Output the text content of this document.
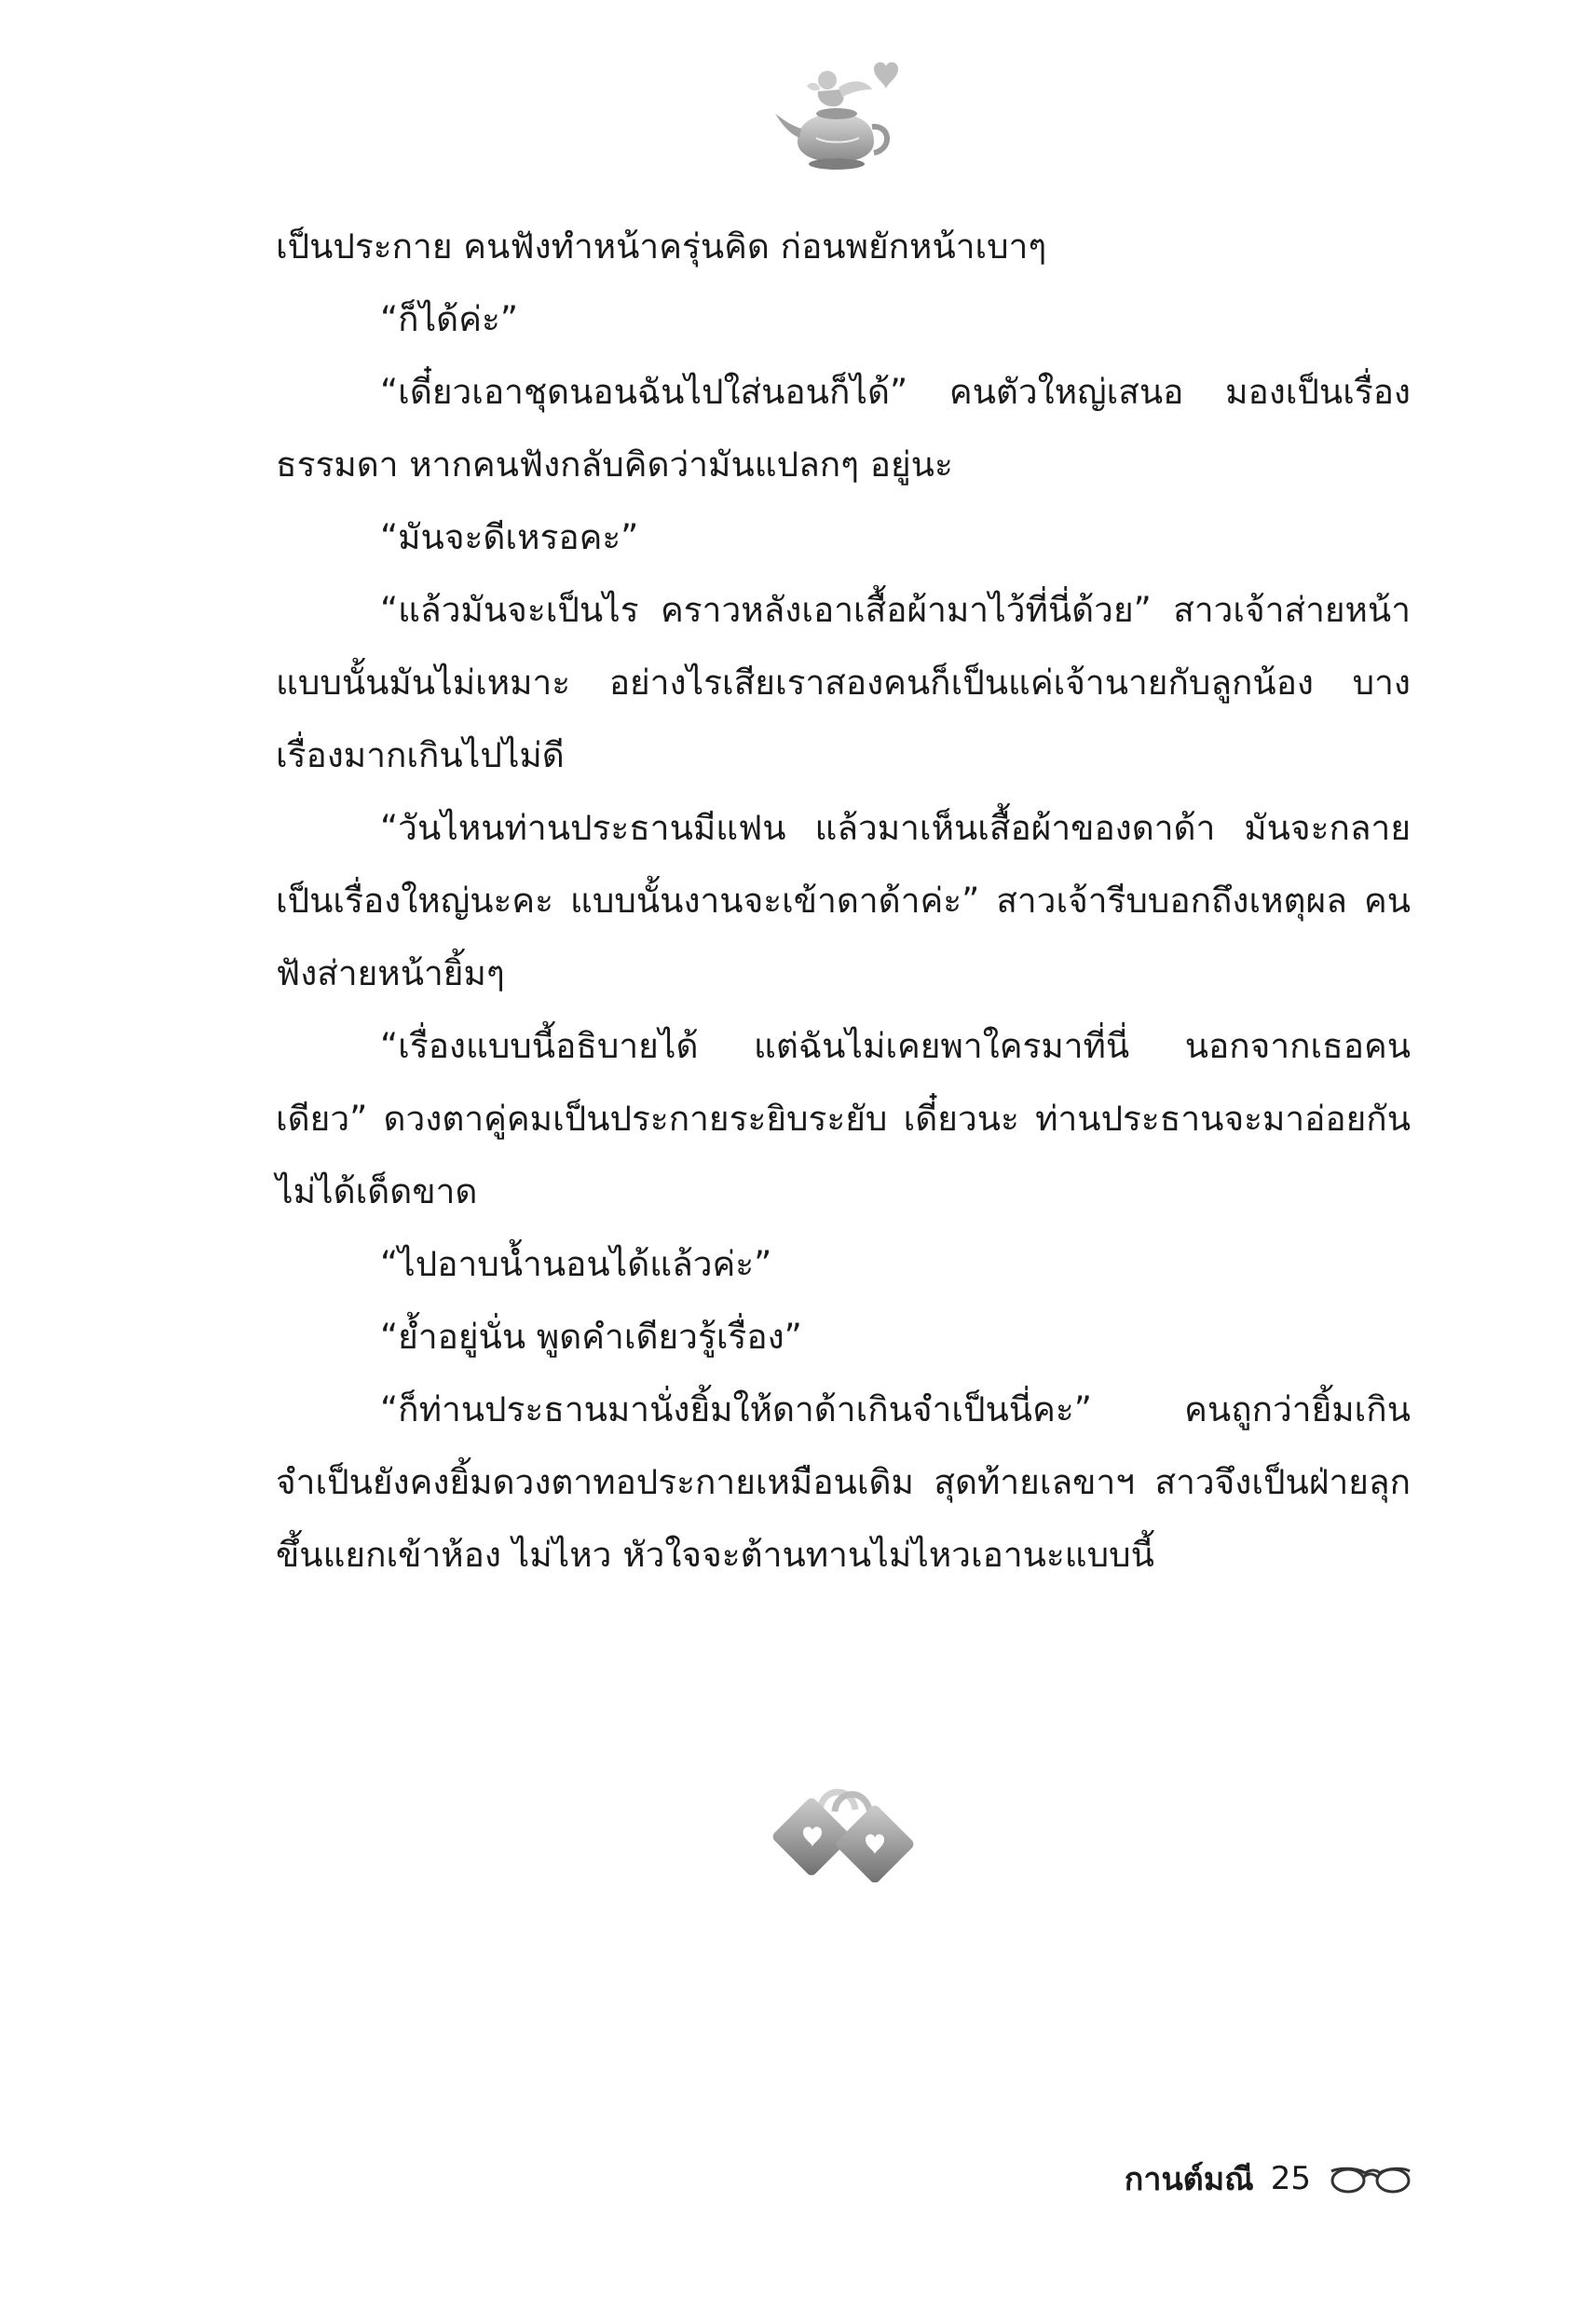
เป็นประกาย คนฟังทำหน้าครุ่นคิด ก่อนพยักหน้าเบาๆ

“ก็ได้ค่ะ”

“เดี๋ยวเอาชุดนอนฉันไปใส่นอนก็ได้” คนตัวใหญ่เสนอ มองเป็นเรื่องธรรมดา หากคนฟังกลับคิดว่ามันแปลกๆ อยู่นะ

“มันจะดีเหรอคะ”

“แล้วมันจะเป็นไร คราวหลังเอาเสื้อผ้ามาไว้ที่นี่ด้วย” สาวเจ้าส่ายหน้า แบบนั้นมันไม่เหมาะ อย่างไรเสียเราสองคนก็เป็นแค่เจ้านายกับลูกน้อง บางเรื่องมากเกินไปไม่ดี

“วันไหนท่านประธานมีแฟน แล้วมาเห็นเสื้อผ้าของดาด้า มันจะกลายเป็นเรื่องใหญ่นะคะ แบบนั้นงานจะเข้าดาด้าค่ะ” สาวเจ้ารีบบอกถึงเหตุผล คนฟังส่ายหน้ายิ้มๆ

“เรื่องแบบนี้อธิบายได้ แต่ฉันไม่เคยพาใครมาที่นี่ นอกจากเธอคนเดียว” ดวงตาคู่คมเป็นประกายระยิบระยับ เดี๋ยวนะ ท่านประธานจะมาอ่อยกันไม่ได้เด็ดขาด

“ไปอาบน้ำนอนได้แล้วค่ะ”

“ย้ำอยู่นั่น พูดคำเดียวรู้เรื่อง”

“ก็ท่านประธานมานั่งยิ้มให้ดาด้าเกินจำเป็นนี่คะ” คนถูกว่ายิ้มเกินจำเป็นยังคงยิ้มดวงตาทอประกายเหมือนเดิม สุดท้ายเลขาฯ สาวจึงเป็นฝ่ายลุกขึ้นแยกเข้าห้อง ไม่ไหว หัวใจจะต้านทานไม่ไหวเอานะแบบนี้

กานต์มณี 25
